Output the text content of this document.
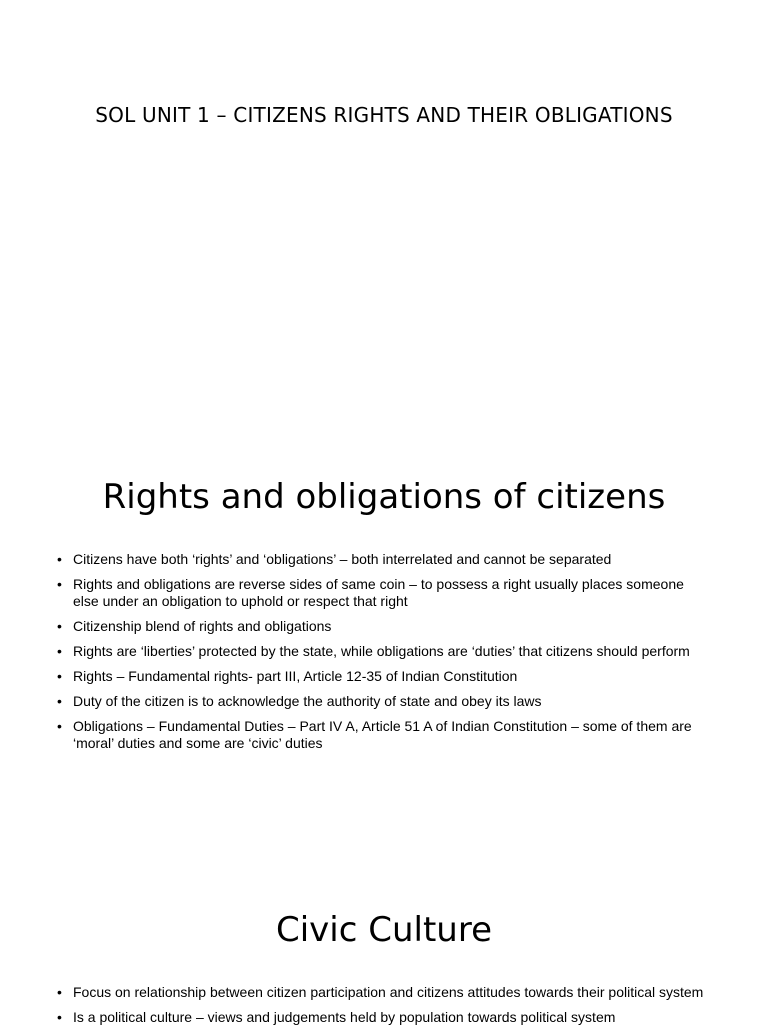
SOL UNIT 1 – CITIZENS RIGHTS AND THEIR OBLIGATIONS
Rights and obligations of citizens
• Citizens have both ‘rights’ and ‘obligations’ – both interrelated and cannot be separated
• Rights and obligations are reverse sides of same coin – to possess a right usually places someone else under an obligation to uphold or respect that right
• Citizenship blend of rights and obligations
• Rights are ‘liberties’ protected by the state, while obligations are ‘duties’ that citizens should perform
• Rights – Fundamental rights- part III, Article 12-35 of Indian Constitution
• Duty of the citizen is to acknowledge the authority of state and obey its laws
• Obligations – Fundamental Duties – Part IV A, Article 51 A of Indian Constitution – some of them are ‘moral’ duties and some are ‘civic’ duties
Civic Culture
• Focus on relationship between citizen participation and citizens attitudes towards their political system
• Is a political culture – views and judgements held by population towards political system
